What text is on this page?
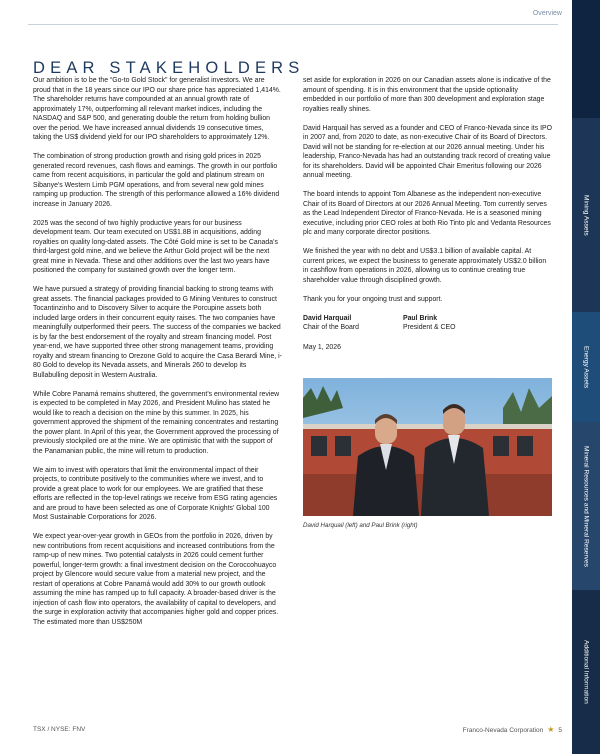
Overview
DEAR STAKEHOLDERS

Our ambition is to be the “Go-to Gold Stock” for generalist investors. We are proud that in the 18 years since our IPO our share price has appreciated 1,414%. The shareholder returns have compounded at an annual growth rate of approximately 17%, outperforming all relevant market indices, including the NASDAQ and S&P 500, and generating double the return from holding bullion over the period. We have increased annual dividends 19 consecutive times, taking the US$ dividend yield for our IPO shareholders to approximately 12%.

The combination of strong production growth and rising gold prices in 2025 generated record revenues, cash flows and earnings. The growth in our portfolio came from recent acquisitions, in particular the gold and platinum stream on Sibanye’s Western Limb PGM operations, and from several new gold mines ramping up production. The strength of this performance allowed a 16% dividend increase in January 2026.

2025 was the second of two highly productive years for our business development team. Our team executed on US$1.8B in acquisitions, adding royalties on quality long-dated assets. The Côté Gold mine is set to be Canada’s third-largest gold mine, and we believe the Arthur Gold project will be the next great mine in Nevada. These and other additions over the last two years have positioned the company for sustained growth over the longer term.

We have pursued a strategy of providing financial backing to strong teams with great assets. The financial packages provided to G Mining Ventures to construct Tocantinzinho and to Discovery Silver to acquire the Porcupine assets both included large orders in their concurrent equity raises. The two companies have meaningfully outperformed their peers. The success of the companies we backed is by far the best endorsement of the royalty and stream financing model. Post year-end, we have supported three other strong management teams, providing royalty and stream financing to Orezone Gold to acquire the Casa Berardi Mine, i-80 Gold to develop its Nevada assets, and Minerals 260 to develop its Bullabulling deposit in Western Australia.

While Cobre Panamá remains shuttered, the government’s environmental review is expected to be completed in May 2026, and President Mulino has stated he would like to reach a decision on the mine by this summer. In 2025, his government approved the shipment of the remaining concentrates and restarting the power plant. In April of this year, the Government approved the processing of previously stockpiled ore at the mine. We are optimistic that with the support of the Panamanian public, the mine will return to production.

We aim to invest with operators that limit the environmental impact of their projects, to contribute positively to the communities where we invest, and to provide a great place to work for our employees. We are gratified that these efforts are reflected in the top-level ratings we receive from ESG rating agencies and are proud to have been selected as one of Corporate Knights’ Global 100 Most Sustainable Corporations for 2026.

We expect year-over-year growth in GEOs from the portfolio in 2026, driven by new contributions from recent acquisitions and increased contributions from the ramp-up of new mines. Two potential catalysts in 2026 could cement further powerful, longer-term growth: a final investment decision on the Coroccohuayco project by Glencore would secure value from a material new project, and the restart of operations at Cobre Panamá would add 30% to our growth outlook assuming the mine has ramped up to full capacity. A broader-based driver is the injection of cash flow into operators, the availability of capital to developers, and the surge in exploration activity that accompanies higher gold and copper prices. The estimated more than US$250M

set aside for exploration in 2026 on our Canadian assets alone is indicative of the amount of spending. It is in this environment that the upside optionality embedded in our portfolio of more than 300 development and exploration stage royalties really shines.

David Harquail has served as a founder and CEO of Franco-Nevada since its IPO in 2007 and, from 2020 to date, as non-executive Chair of its Board of Directors. David will not be standing for re-election at our 2026 annual meeting. Under his leadership, Franco-Nevada has had an outstanding track record of creating value for its shareholders. David will be appointed Chair Emeritus following our 2026 annual meeting.

The board intends to appoint Tom Albanese as the independent non-executive Chair of its Board of Directors at our 2026 Annual Meeting. Tom currently serves as the Lead Independent Director of Franco-Nevada. He is a seasoned mining executive, including prior CEO roles at both Rio Tinto plc and Vedanta Resources plc and many corporate director positions.

We finished the year with no debt and US$3.1 billion of available capital. At current prices, we expect the business to generate approximately US$2.0 billion in cashflow from operations in 2026, allowing us to continue creating true shareholder value through disciplined growth.

Thank you for your ongoing trust and support.

David Harquail
Chair of the Board
Paul Brink
President & CEO
May 1, 2026
David Harquail (left) and Paul Brink (right)
TSX / NYSE: FNV	Franco-Nevada Corporation ★ 5
Mining Assets
Energy Assets
Mineral Resources and Mineral Reserves
Additional Information
